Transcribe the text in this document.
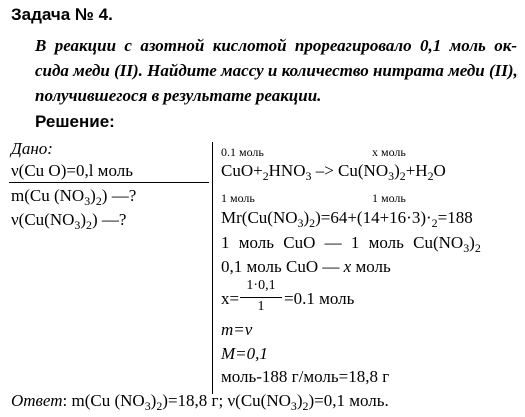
Задача № 4.
В реакции с азотной кислотой прореагировало 0,1 моль ок-
сида меди (II). Найдите массу и количество нитрата меди (II),
получившегося в результате реакции.
Решение:
Дано:
ν(Cu O)=0,l моль
m(Cu $(NO_3)_2$) —?
$\nu(Cu(NO_3)_2)$ —?
0.1 моль	х моль
$CuO+_2HNO_3 -> Cu(NO_3)_2+H_2O$
1 моль	1 моль
$Mr(Cu(NO_3)_2)=64+(14+16\cdot 3)\cdot_2=188$
1 моль CuO — 1 моль $Cu(NO_3)_2$
0,1 моль CuO — х моль
x=
1·0,1
1	=0.1 моль
m=ν
M=0,1
моль-188 г/моль=18,8 г
Ответ: m(Cu $(NO_3)_2)=18,8$ г; $\nu(Cu(NO_3)_2)=0,1$ моль.
